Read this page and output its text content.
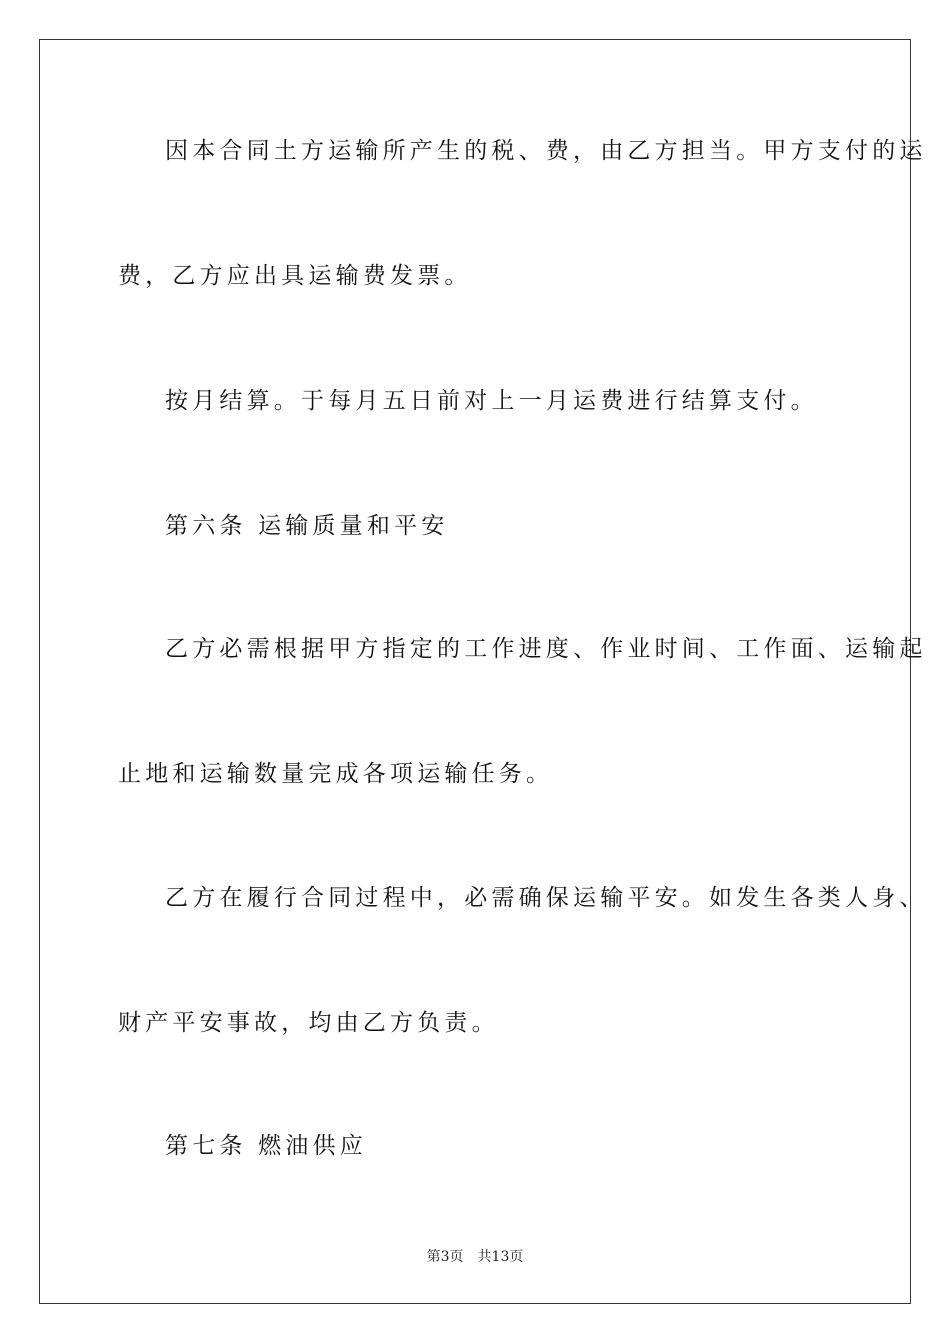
因本合同土方运输所产生的税、费，由乙方担当。甲方支付的运
费，乙方应出具运输费发票。
按月结算。于每月五日前对上一月运费进行结算支付。
第六条 运输质量和平安
乙方必需根据甲方指定的工作进度、作业时间、工作面、运输起
止地和运输数量完成各项运输任务。
乙方在履行合同过程中，必需确保运输平安。如发生各类人身、
财产平安事故，均由乙方负责。
第七条 燃油供应
第3页 共13页
